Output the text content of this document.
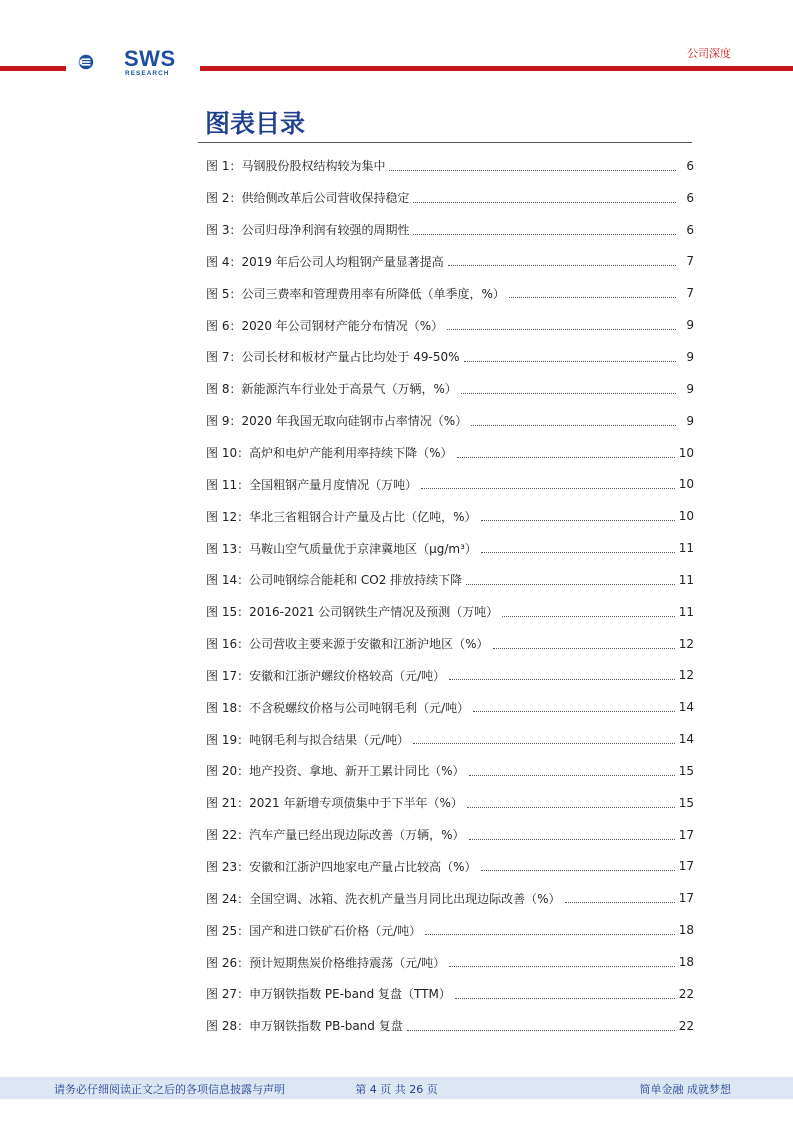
SWS
RESEARCH
公司深度
图表目录
图 1：马钢股份股权结构较为集中	6
图 2：供给侧改革后公司营收保持稳定	6
图 3：公司归母净利润有较强的周期性	6
图 4：2019 年后公司人均粗钢产量显著提高	7
图 5：公司三费率和管理费用率有所降低（单季度，%）	7
图 6：2020 年公司钢材产能分布情况（%）	9
图 7：公司长材和板材产量占比均处于 49-50%	9
图 8：新能源汽车行业处于高景气（万辆，%）	9
图 9：2020 年我国无取向硅钢市占率情况（%）	9
图 10：高炉和电炉产能利用率持续下降（%）	10
图 11：全国粗钢产量月度情况（万吨）	10
图 12：华北三省粗钢合计产量及占比（亿吨，%）	10
图 13：马鞍山空气质量优于京津冀地区（μg/m³）	11
图 14：公司吨钢综合能耗和 CO2 排放持续下降	11
图 15：2016-2021 公司钢铁生产情况及预测（万吨）	11
图 16：公司营收主要来源于安徽和江浙沪地区（%）	12
图 17：安徽和江浙沪螺纹价格较高（元/吨）	12
图 18：不含税螺纹价格与公司吨钢毛利（元/吨）	14
图 19：吨钢毛利与拟合结果（元/吨）	14
图 20：地产投资、拿地、新开工累计同比（%）	15
图 21：2021 年新增专项债集中于下半年（%）	15
图 22：汽车产量已经出现边际改善（万辆，%）	17
图 23：安徽和江浙沪四地家电产量占比较高（%）	17
图 24：全国空调、冰箱、洗衣机产量当月同比出现边际改善（%）	17
图 25：国产和进口铁矿石价格（元/吨）	18
图 26：预计短期焦炭价格维持震荡（元/吨）	18
图 27：申万钢铁指数 PE-band 复盘（TTM）	22
图 28：申万钢铁指数 PB-band 复盘	22
请务必仔细阅读正文之后的各项信息披露与声明	第 4 页 共 26 页	简单金融 成就梦想
